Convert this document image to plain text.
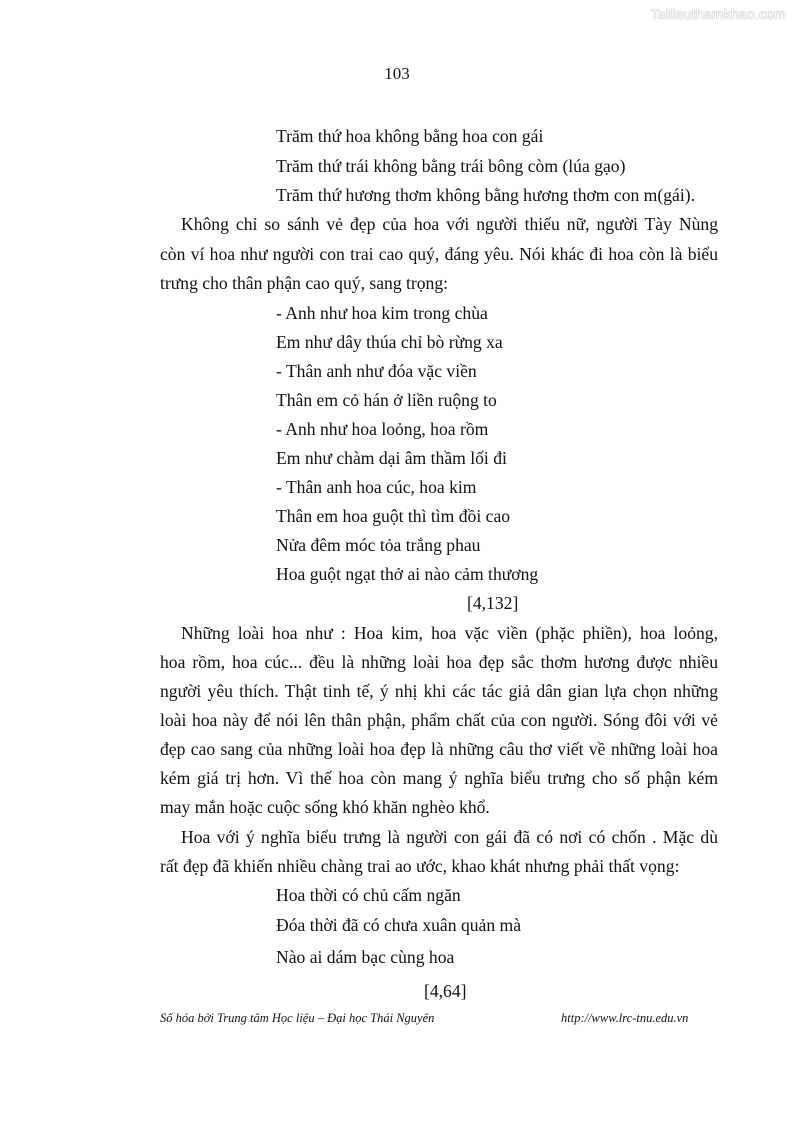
Tailieuthamkhao.com
103
Trăm thứ hoa không bằng hoa con gái
Trăm thứ trái không bằng trái bông còm (lúa gạo)
Trăm thứ hương thơm không bằng hương thơm con m(gái).
Không chỉ so sánh vẻ đẹp của hoa với người thiếu nữ, người Tày Nùng
còn ví hoa như người con trai cao quý, đáng yêu. Nói khác đi hoa còn là biểu
trưng cho thân phận cao quý, sang trọng:
- Anh như hoa kim trong chùa
Em như dây thúa chỉ bò rừng xa
- Thân anh như đóa vặc viền
Thân em cỏ hán ở liền ruộng to
- Anh như hoa loỏng, hoa rồm
Em như chàm dại âm thầm lối đi
- Thân anh hoa cúc, hoa kim
Thân em hoa guột thì tìm đồi cao
Nửa đêm móc tỏa trắng phau
Hoa guột ngạt thở ai nào cảm thương
[4,132]
Những loài hoa như : Hoa kim, hoa vặc viền (phặc phiền), hoa loỏng,
hoa rồm, hoa cúc... đều là những loài hoa đẹp sắc thơm hương được nhiều
người yêu thích. Thật tinh tế, ý nhị khi các tác giả dân gian lựa chọn những
loài hoa này để nói lên thân phận, phẩm chất của con người. Sóng đôi với vẻ
đẹp cao sang của những loài hoa đẹp là những câu thơ viết về những loài hoa
kém giá trị hơn. Vì thế hoa còn mang ý nghĩa biểu trưng cho số phận kém
may mắn hoặc cuộc sống khó khăn nghèo khổ.
Hoa với ý nghĩa biểu trưng là người con gái đã có nơi có chốn . Mặc dù
rất đẹp đã khiến nhiều chàng trai ao ước, khao khát nhưng phải thất vọng:
Hoa thời có chủ cấm ngăn
Đóa thời đã có chưa xuân quản mà
Nào ai dám bạc cùng hoa
[4,64]
Số hóa bởi Trung tâm Học liệu – Đại học Thái Nguyên	http://www.lrc-tnu.edu.vn
